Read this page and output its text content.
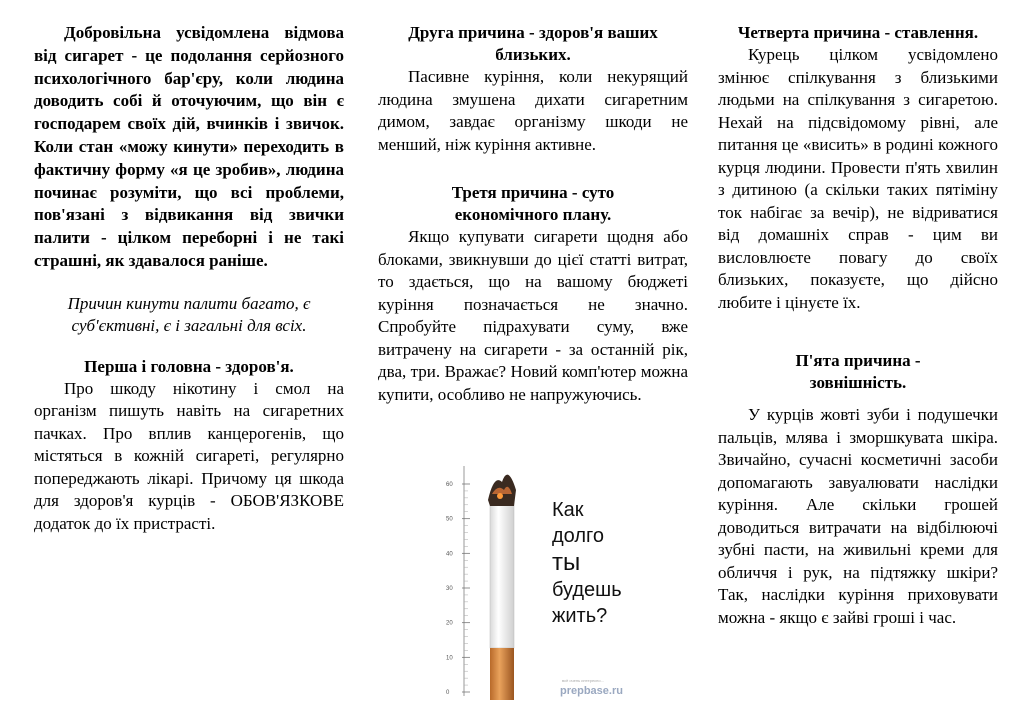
Добровільна усвідомлена відмова від сигарет - це подолання серйозного психологічного бар'єру, коли людина доводить собі й оточуючим, що він є господарем своїх дій, вчинків і звичок. Коли стан «можу кинути» переходить в фактичну форму «я це зробив», людина починає розуміти, що всі проблеми, пов'язані з відвикання від звички палити - цілком переборні і не такі страшні, як здавалося раніше.

Причин кинути палити багато, є суб'єктивні, є і загальні для всіх.

Перша і головна - здоров'я.

Про шкоду нікотину і смол на організм пишуть навіть на сигаретних пачках. Про вплив канцерогенів, що містяться в кожній сигареті, регулярно попереджають лікарі. Причому ця шкода для здоров'я курців - ОБОВ'ЯЗКОВЕ додаток до їх пристрасті.

Друга причина - здоров'я ваших близьких.

Пасивне куріння, коли некурящий людина змушена дихати сигаретним димом, завдає організму шкоди не менший, ніж куріння активне.

Третя причина - суто економічного плану.

Якщо купувати сигарети щодня або блоками, звикнувши до цієї статті витрат, то здається, що на вашому бюджеті куріння позначається не значно. Спробуйте підрахувати суму, вже витрачену на сигарети - за останній рік, два, три. Вражає? Новий комп'ютер можна купити, особливо не напружуючись.

60
50
40
30
20
10
0
Как
долго
ты
будешь
жить?
всё очень интересно...
prepbase.ru

Четверта причина - ставлення.

Курець цілком усвідомлено змінює спілкування з близькими людьми на спілкування з сигаретою. Нехай на підсвідомому рівні, але питання це «висить» в родині кожного курця людини. Провести п'ять хвилин з дитиною (а скільки таких пятіміну ток набігає за вечір), не відриватися від домашніх справ - цим ви висловлюєте повагу до своїх близьких, показуєте, що дійсно любите і цінуєте їх.

П'ята причина - зовнішність.

У курців жовті зуби і подушечки пальців, млява і зморшкувата шкіра. Звичайно, сучасні косметичні засоби допомагають завуалювати наслідки куріння. Але скільки грошей доводиться витрачати на відбілюючі зубні пасти, на живильні креми для обличчя і рук, на підтяжку шкіри? Так, наслідки куріння приховувати можна - якщо є зайві гроші і час.
